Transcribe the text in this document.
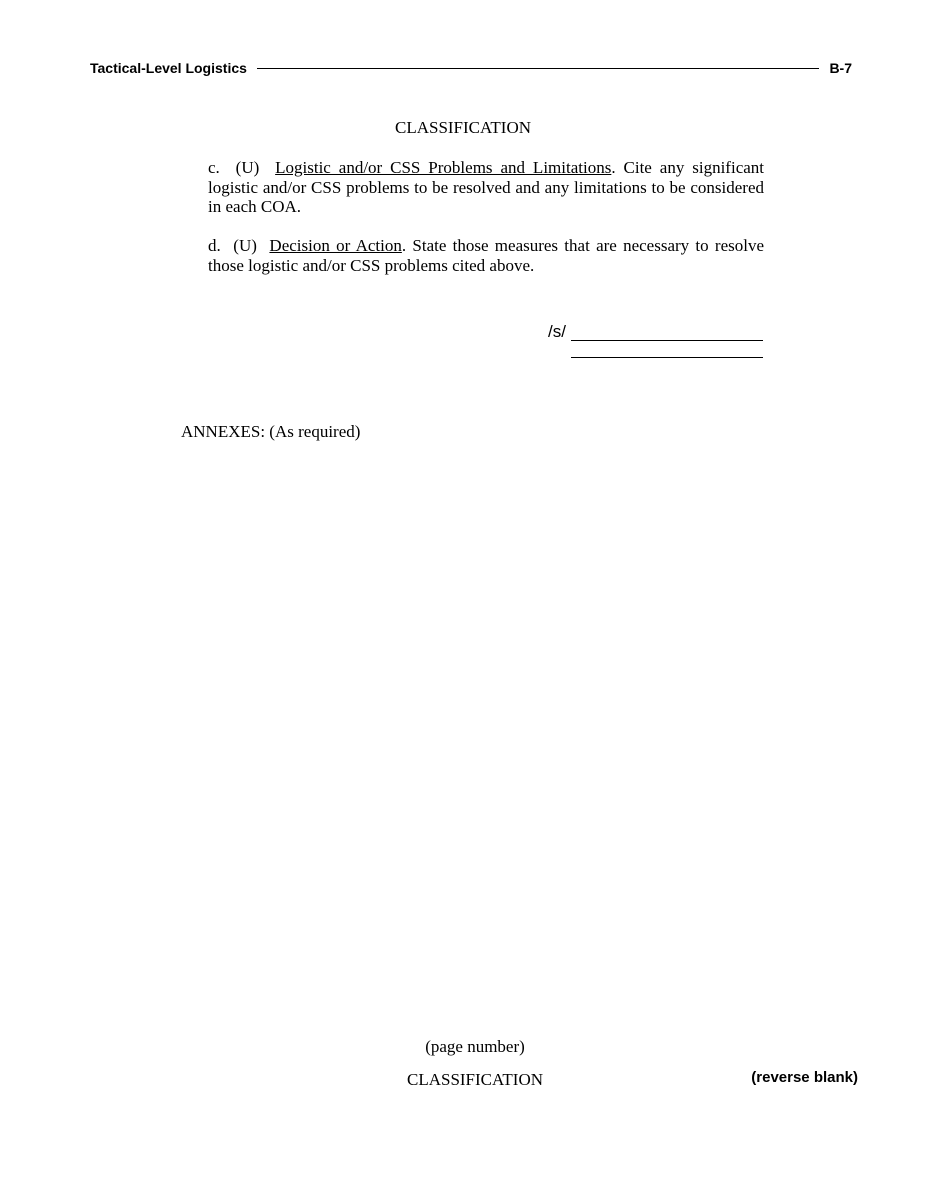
Tactical-Level Logistics	B-7
CLASSIFICATION
c.  (U)  Logistic and/or CSS Problems and Limitations. Cite any significant logistic and/or CSS problems to be resolved and any limitations to be considered in each COA.
d.  (U)  Decision or Action. State those measures that are necessary to resolve those logistic and/or CSS problems cited above.
/s/
ANNEXES: (As required)
(page number)
CLASSIFICATION	(reverse blank)
